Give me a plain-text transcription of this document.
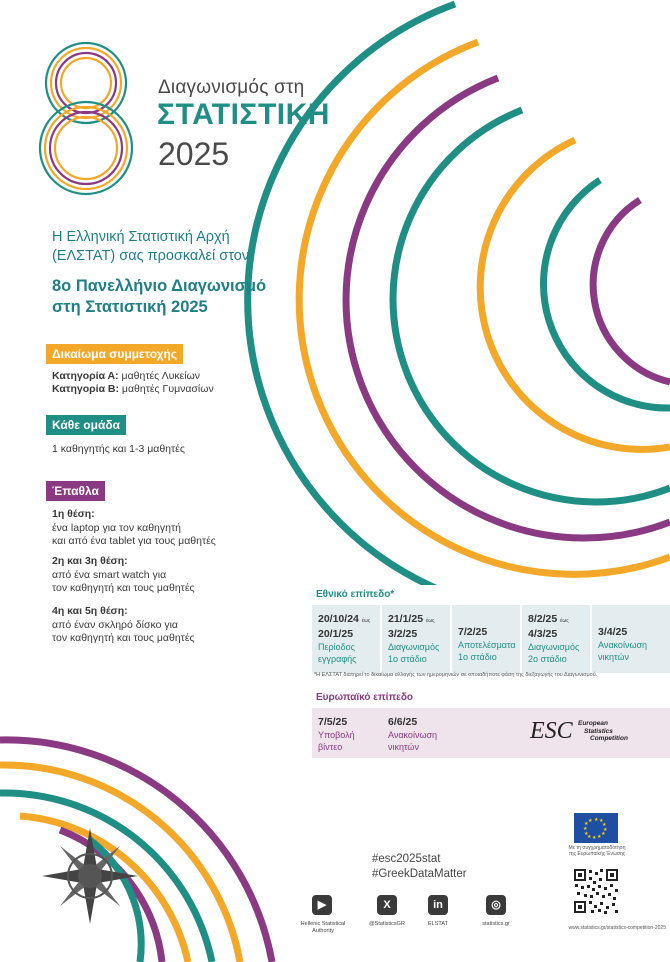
Διαγωνισμός στη
ΣΤΑΤΙΣΤΙΚΗ
2025
Η Ελληνική Στατιστική Αρχή
(ΕΛΣΤΑΤ) σας προσκαλεί στον
8ο Πανελλήνιο Διαγωνισμό
στη Στατιστική 2025
Δικαίωμα συμμετοχής
Κατηγορία Α: μαθητές Λυκείων
Κατηγορία Β: μαθητές Γυμνασίων
Κάθε ομάδα
1 καθηγητής και 1-3 μαθητές
Έπαθλα
1η θέση:
ένα laptop για τον καθηγητή
και από ένα tablet για τους μαθητές
2η και 3η θέση:
από ένα smart watch για
τον καθηγητή και τους μαθητές
4η και 5η θέση:
από έναν σκληρό δίσκο για
τον καθηγητή και τους μαθητές
Εθνικό επίπεδο*
20/10/24 έως
20/1/25
Περίοδος
εγγραφής
21/1/25 έως
3/2/25
Διαγωνισμός
1ο στάδιο
7/2/25
Αποτελέσματα
1ο στάδιο
8/2/25 έως
4/3/25
Διαγωνισμός
2ο στάδιο
3/4/25
Ανακοίνωση
νικητών
*Η ΕΛΣΤΑΤ διατηρεί το δικαίωμα αλλαγής των ημερομηνιών σε οποιαδήποτε φάση της διεξαγωγής του Διαγωνισμού.
Ευρωπαϊκό επίπεδο
7/5/25
Υποβολή
βίντεο
6/6/25
Ανακοίνωση
νικητών
ESC European
Statistics
Competition
#esc2025stat
#GreekDataMatter
▶
Hellenic Statistical
Authority
X
@StatisticsGR
in
ELSTAT
◎
statistics.gr
★ ★
★
★
★
★
★
★
★
★
★ ★
Με τη συγχρηματοδότηση
της Ευρωπαϊκής Ένωσης
www.statistics.gr/statistics-competition-2025
